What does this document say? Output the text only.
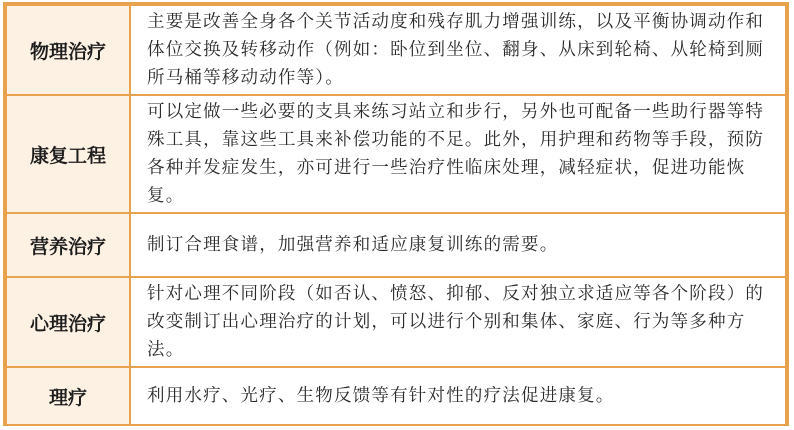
物理治疗	主要是改善全身各个关节活动度和残存肌力增强训练，以及平衡协调动作和体位交换及转移动作（例如：卧位到坐位、翻身、从床到轮椅、从轮椅到厕所马桶等移动动作等）。
康复工程	可以定做一些必要的支具来练习站立和步行，另外也可配备一些助行器等特殊工具，靠这些工具来补偿功能的不足。此外，用护理和药物等手段，预防各种并发症发生，亦可进行一些治疗性临床处理，减轻症状，促进功能恢复。
营养治疗	制订合理食谱，加强营养和适应康复训练的需要。
心理治疗	针对心理不同阶段（如否认、愤怒、抑郁、反对独立求适应等各个阶段）的改变制订出心理治疗的计划，可以进行个别和集体、家庭、行为等多种方法。
理疗	利用水疗、光疗、生物反馈等有针对性的疗法促进康复。
